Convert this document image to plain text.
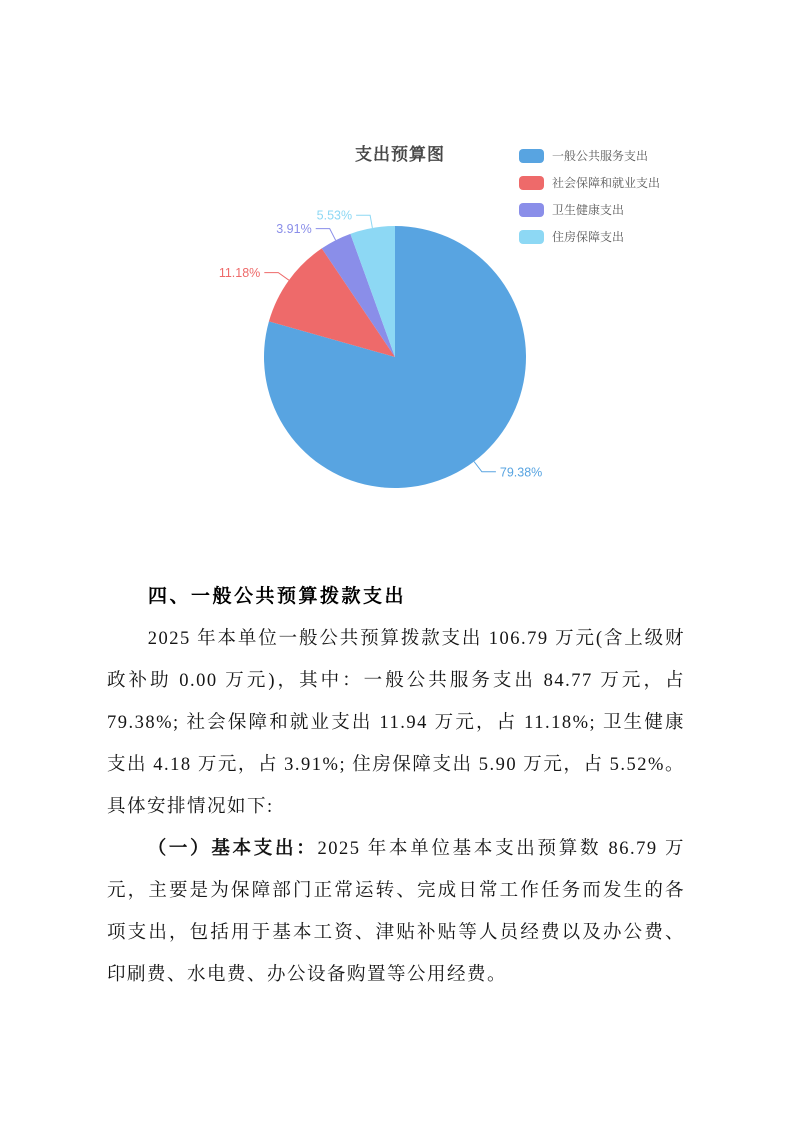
支出预算图
79.38%
11.18%
3.91%
5.53%
一般公共服务支出
社会保障和就业支出
卫生健康支出
住房保障支出
四、一般公共预算拨款支出

2025 年本单位一般公共预算拨款支出 106.79 万元(含上级财政补助 0.00 万元)，其中：一般公共服务支出 84.77 万元，占 79.38%; 社会保障和就业支出 11.94 万元，占 11.18%; 卫生健康支出 4.18 万元，占 3.91%; 住房保障支出 5.90 万元，占 5.52%。具体安排情况如下:

（一）基本支出：2025 年本单位基本支出预算数 86.79 万元，主要是为保障部门正常运转、完成日常工作任务而发生的各项支出，包括用于基本工资、津贴补贴等人员经费以及办公费、印刷费、水电费、办公设备购置等公用经费。
